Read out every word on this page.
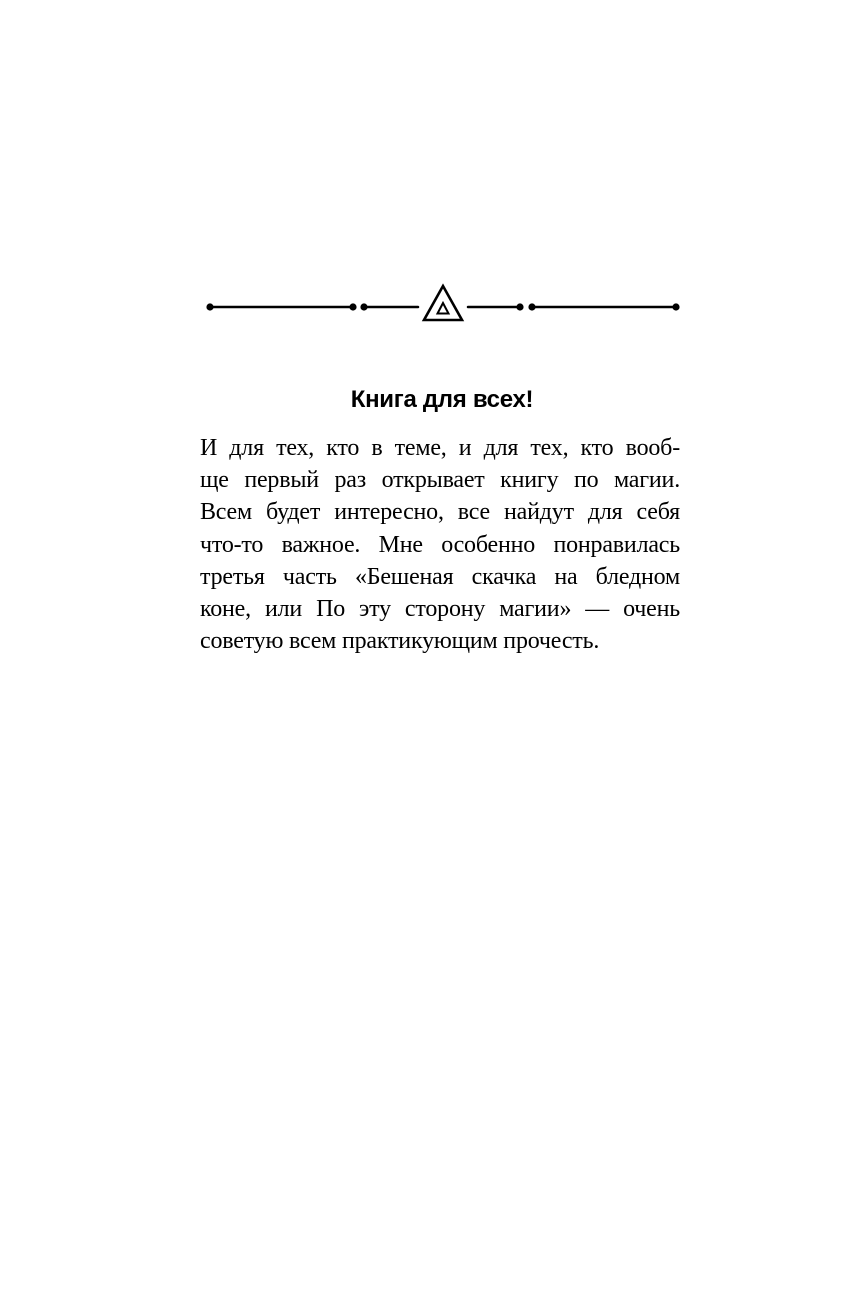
Книга для всех!
И для тех, кто в теме, и для тех, кто вооб-
ще первый раз открывает книгу по магии.
Всем будет интересно, все найдут для себя
что-то важное. Мне особенно понравилась
третья часть «Бешеная скачка на бледном
коне, или По эту сторону магии» — очень
советую всем практикующим прочесть.
